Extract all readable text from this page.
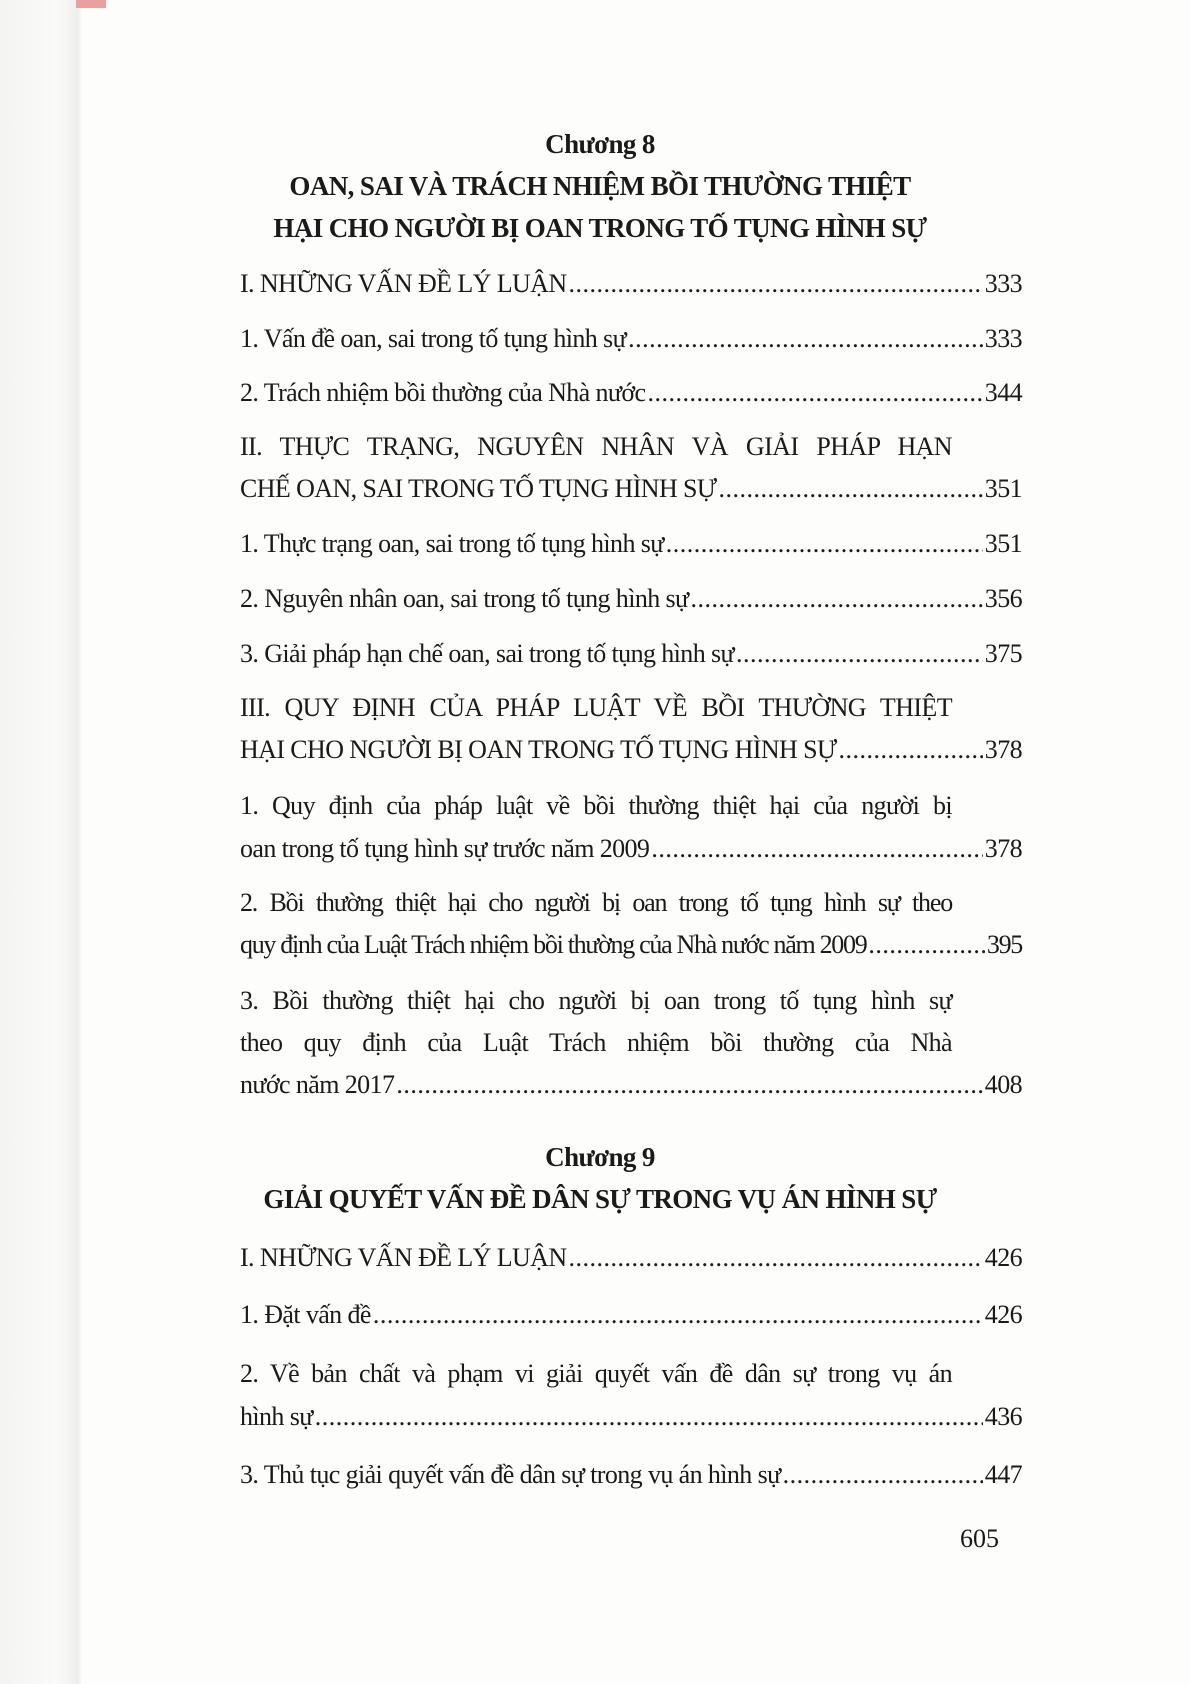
Chương 8
OAN, SAI VÀ TRÁCH NHIỆM BỒI THƯỜNG THIỆT
HẠI CHO NGƯỜI BỊ OAN TRONG TỐ TỤNG HÌNH SỰ
I. NHỮNG VẤN ĐỀ LÝ LUẬN .....	333
1. Vấn đề oan, sai trong tố tụng hình sự .....	333
2. Trách nhiệm bồi thường của Nhà nước .....	344
II. THỰC TRẠNG, NGUYÊN NHÂN VÀ GIẢI PHÁP HẠN
CHẾ OAN, SAI TRONG TỐ TỤNG HÌNH SỰ .....	351
1. Thực trạng oan, sai trong tố tụng hình sự .....	351
2. Nguyên nhân oan, sai trong tố tụng hình sự .....	356
3. Giải pháp hạn chế oan, sai trong tố tụng hình sự .....	375
III. QUY ĐỊNH CỦA PHÁP LUẬT VỀ BỒI THƯỜNG THIỆT
HẠI CHO NGƯỜI BỊ OAN TRONG TỐ TỤNG HÌNH SỰ .....	378
1. Quy định của pháp luật về bồi thường thiệt hại của người bị
oan trong tố tụng hình sự trước năm 2009 .....	378
2. Bồi thường thiệt hại cho người bị oan trong tố tụng hình sự theo
quy định của Luật Trách nhiệm bồi thường của Nhà nước năm 2009 .....	395
3. Bồi thường thiệt hại cho người bị oan trong tố tụng hình sự
theo quy định của Luật Trách nhiệm bồi thường của Nhà
nước năm 2017 .....	408
Chương 9
GIẢI QUYẾT VẤN ĐỀ DÂN SỰ TRONG VỤ ÁN HÌNH SỰ
I. NHỮNG VẤN ĐỀ LÝ LUẬN .....	426
1. Đặt vấn đề .....	426
2. Về bản chất và phạm vi giải quyết vấn đề dân sự trong vụ án
hình sự .....	436
3. Thủ tục giải quyết vấn đề dân sự trong vụ án hình sự .....	447
605
